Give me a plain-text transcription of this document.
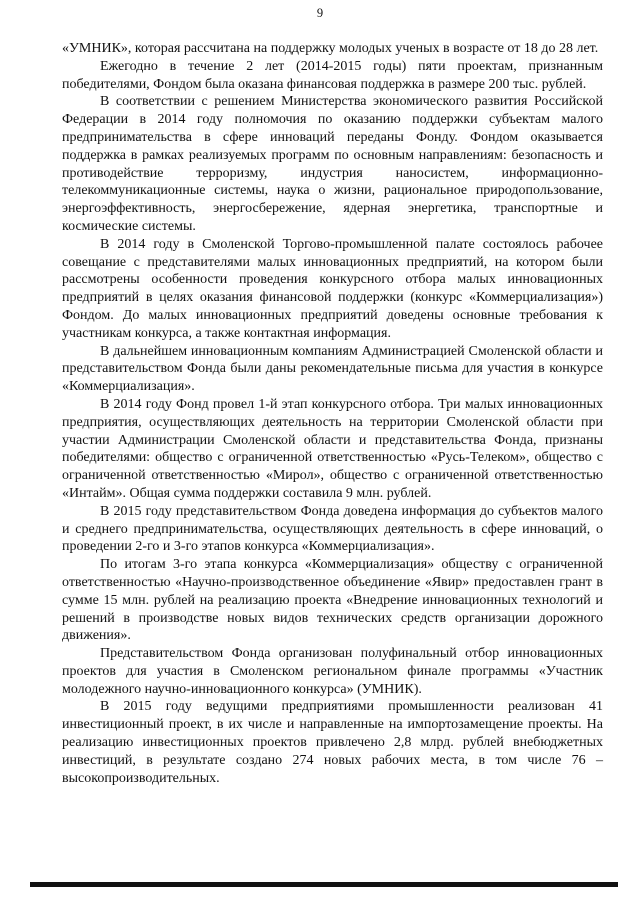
9

«УМНИК», которая рассчитана на поддержку молодых ученых в возрасте от 18 до 28 лет.

Ежегодно в течение 2 лет (2014-2015 годы) пяти проектам, признанным победителями, Фондом была оказана финансовая поддержка в размере 200 тыс. рублей.

В соответствии с решением Министерства экономического развития Российской Федерации в 2014 году полномочия по оказанию поддержки субъектам малого предпринимательства в сфере инноваций переданы Фонду. Фондом оказывается поддержка в рамках реализуемых программ по основным направлениям: безопасность и противодействие терроризму, индустрия наносистем, информационно-телекоммуникационные системы, наука о жизни, рациональное природопользование, энергоэффективность, энергосбережение, ядерная энергетика, транспортные и космические системы.

В 2014 году в Смоленской Торгово-промышленной палате состоялось рабочее совещание с представителями малых инновационных предприятий, на котором были рассмотрены особенности проведения конкурсного отбора малых инновационных предприятий в целях оказания финансовой поддержки (конкурс «Коммерциализация») Фондом. До малых инновационных предприятий доведены основные требования к участникам конкурса, а также контактная информация.

В дальнейшем инновационным компаниям Администрацией Смоленской области и представительством Фонда были даны рекомендательные письма для участия в конкурсе «Коммерциализация».

В 2014 году Фонд провел 1-й этап конкурсного отбора. Три малых инновационных предприятия, осуществляющих деятельность на территории Смоленской области при участии Администрации Смоленской области и представительства Фонда, признаны победителями: общество с ограниченной ответственностью «Русь-Телеком», общество с ограниченной ответственностью «Мирол», общество с ограниченной ответственностью «Интайм». Общая сумма поддержки составила 9 млн. рублей.

В 2015 году представительством Фонда доведена информация до субъектов малого и среднего предпринимательства, осуществляющих деятельность в сфере инноваций, о проведении 2-го и 3-го этапов конкурса «Коммерциализация».

По итогам 3-го этапа конкурса «Коммерциализация» обществу с ограниченной ответственностью «Научно-производственное объединение «Явир» предоставлен грант в сумме 15 млн. рублей на реализацию проекта «Внедрение инновационных технологий и решений в производстве новых видов технических средств организации дорожного движения».

Представительством Фонда организован полуфинальный отбор инновационных проектов для участия в Смоленском региональном финале программы «Участник молодежного научно-инновационного конкурса» (УМНИК).

В 2015 году ведущими предприятиями промышленности реализован 41 инвестиционный проект, в их числе и направленные на импортозамещение проекты. На реализацию инвестиционных проектов привлечено 2,8 млрд. рублей внебюджетных инвестиций, в результате создано 274 новых рабочих места, в том числе 76 – высокопроизводительных.
